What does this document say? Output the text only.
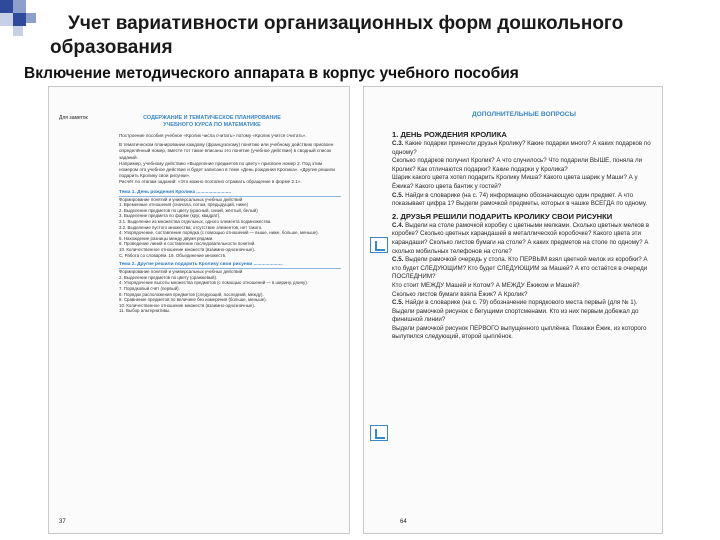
Учет вариативности организационных форм дошкольного
образования
Включение методического аппарата в корпус учебного пособия
Для заметок	СОДЕРЖАНИЕ И ТЕМАТИЧЕСКОЕ ПЛАНИРОВАНИЕ
УЧЕБНОГО КУРСА ПО МАТЕМАТИКЕ
Построение пособия учебное «Кролик числа считать» потому «Кролик учится считать».
В тематическом планировании каждому (французскому) понятию или учебному действию присвоен определённый номер, вместе тот такие вписаны это понятие (учебное действие) в сводный список заданий.
Например, учебному действию «Выделение предметов по цвету» присвоен номер 2. Под этим номером это учебное действие и будет записано в теме «День рождения Кролика». «Другие решили подарить Кролику свои рисунки».
Расчёт по этапам заданий: «Это можно поэтапно отражать обращение в форме 2.1».
Тема 1. День рождения Кролика ..........................
Формирование понятий и универсальных учебных действий
1. Временные отношения (сначала, потом, предыдущий, ниже)
2. Выделение предметов по цвету (красный, синий, жёлтый, белый)
3. Выделение предмета по форме (круг, квадрат).
3.1. Выделение из множества отдельных, одного элемента подмножества.
3.2. Выделение пустого множества; отсутствие элементов, нет такого.
4. Упорядочение, составление порядка (с помощью отношений — выше, ниже, больше, меньше).
5. Нахождение разницы между двумя рядами.
6. Проведение линий и составление последовательности понятий.
10. Количественное отношение множеств (взаимно-однозначные).
С. Работа со словарём. 19. Объединение множеств.
Тема 2. Другие решили подарить Кролику свои рисунки ......................
Формирование понятий и универсальных учебных действий
2. Выделение предметов по цвету (оранжевый).
4. Упорядочение высоты множества предметов (с помощью отношений — в ширину, длину).
7. Порядковый счёт (первый).
8. Порядок расположения предметов (следующий, последний, между).
9. Сравнение предметов по величине без измерения (больше, меньше).
10. Количественное отношение множеств (взаимно-однозначные).
11. Выбор альтернативы.
37
ДОПОЛНИТЕЛЬНЫЕ ВОПРОСЫ
1. ДЕНЬ РОЖДЕНИЯ КРОЛИКА
С.3. Какие подарки принесли друзья Кролику? Какие подарки много? А каких подарков по одному?
Сколько подарков получил Кролик? А что случилось? Что подарили ВЫШЕ, поняла ли Кролик? Как отличаются подарки? Какие подарки у Кролика?
Шарик какого цвета хотел подарить Кролику Миша? Какого цвета шарик у Маши? А у Ёжика? Какого цвета бантик у гостей?
С.5. Найди в словарике (на с. 74) информацию обозначающую один предмет. А что показывает цифра 1? Выдели рамочкой предметы, которых в чашке ВСЕГДА по одному.
2. ДРУЗЬЯ РЕШИЛИ ПОДАРИТЬ КРОЛИКУ СВОИ РИСУНКИ
С.4. Выдели на столе рамочкой коробку с цветными мелками. Сколько цветных мелков в коробке? Сколько цветных карандашей в металлической коробочке? Какого цвета эти карандаши? Сколько листов бумаги на столе? А каких предметов на столе по одному? А сколько мобильных телефонов на столе?
С.5. Выдели рамочкой очередь у стола. Кто ПЕРВЫМ взял цветной мелок из коробки? А кто будет СЛЕДУЮЩИМ? Кто будет СЛЕДУЮЩИМ за Машей? А кто остаётся в очереди ПОСЛЕДНИМ?
Кто стоит МЕЖДУ Машей и Котом? А МЕЖДУ Ёжиком и Машей?
Сколько листов бумаги взяла Ёжик? А Кролик?
С.5. Найди в словарике (на с. 79) обозначение порядкового места первый (для № 1).
Выдели рамочкой рисунок с бегущими спортсменами. Кто из них первым добежал до финишной линии?
Выдели рамочкой рисунок ПЕРВОГО выпущенного цыплёнка. Покажи Ёжик, из которого вылупился следующий, второй цыплёнок.
64
